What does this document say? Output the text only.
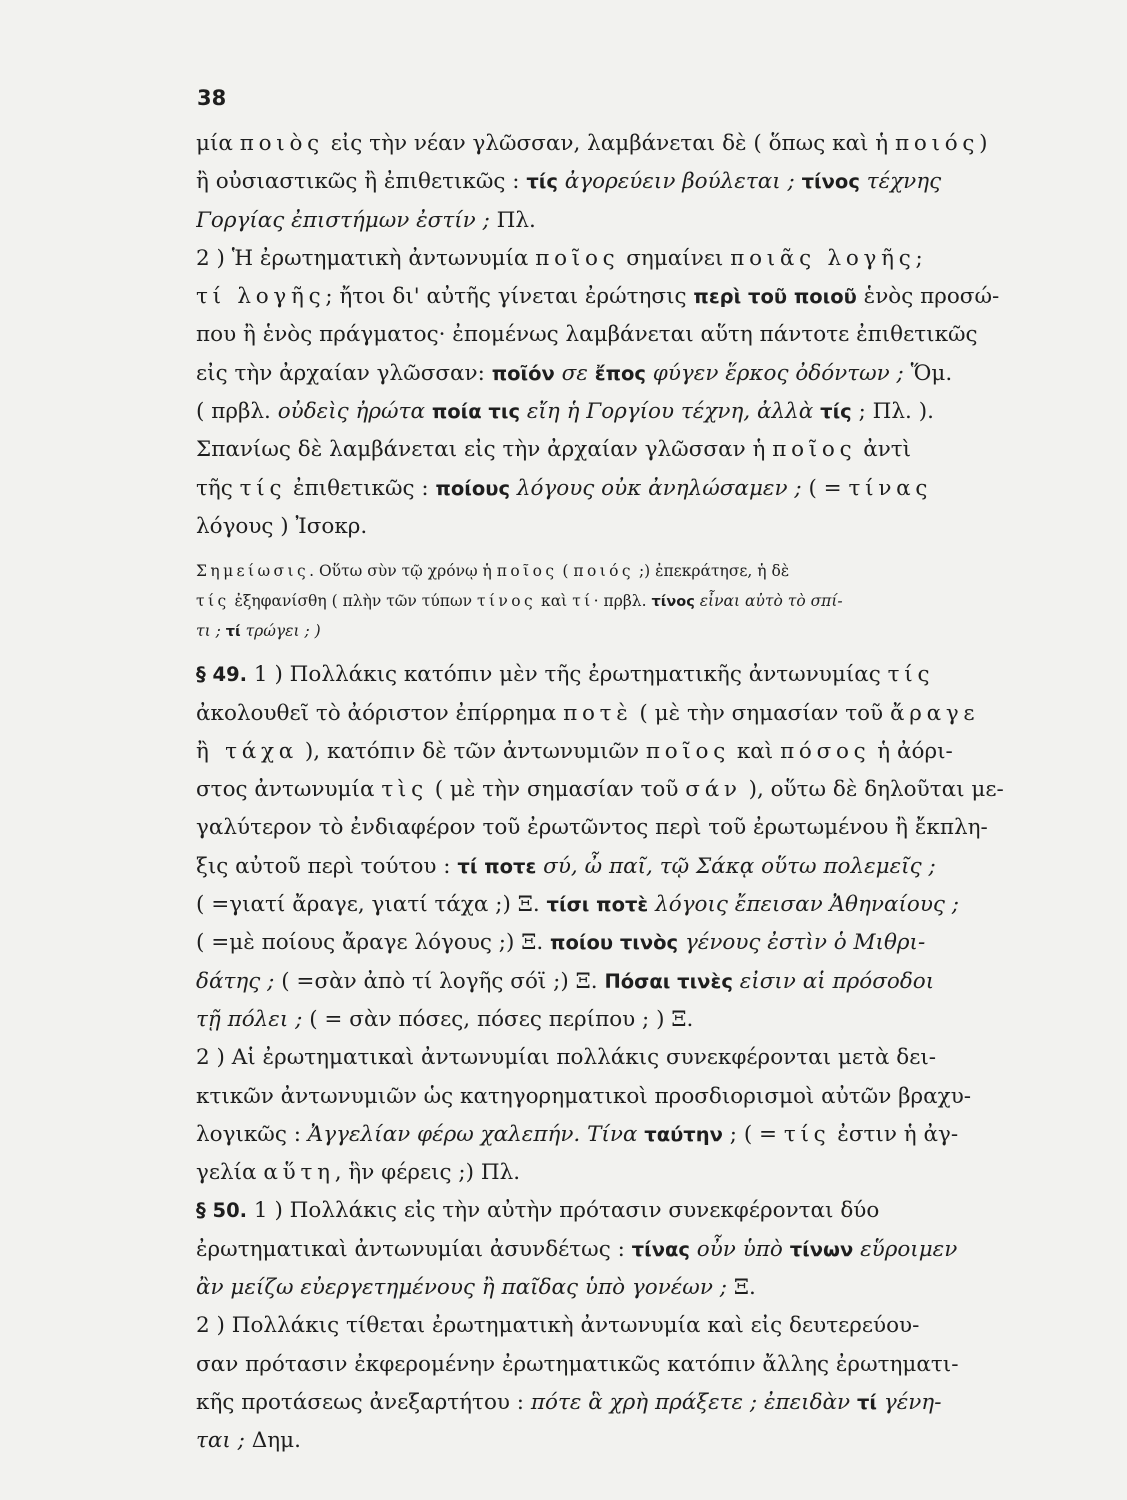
38
μία ποιὸς εἰς τὴν νέαν γλῶσσαν, λαμβάνεται δὲ ( ὅπως καὶ ἡ ποιός)
ἢ οὐσιαστικῶς ἢ ἐπιθετικῶς : τίς ἀγορεύειν βούλεται ; τίνος τέχνης
Γοργίας ἐπιστήμων ἐστίν ; Πλ.
2 ) Ἡ ἐρωτηματικὴ ἀντωνυμία ποῖος σημαίνει ποιᾶς λογῆς;
τί λογῆς; ἤτοι δι' αὐτῆς γίνεται ἐρώτησις περὶ τοῦ ποιοῦ ἑνὸς προσώ-
που ἢ ἑνὸς πράγματος· ἐπομένως λαμβάνεται αὕτη πάντοτε ἐπιθετικῶς
εἰς τὴν ἀρχαίαν γλῶσσαν: ποῖόν σε ἔπος φύγεν ἕρκος ὀδόντων ; Ὅμ.
( πρβλ. οὐδεὶς ἠρώτα ποία τις εἴη ἡ Γοργίου τέχνη, ἀλλὰ τίς ; Πλ. ).
Σπανίως δὲ λαμβάνεται εἰς τὴν ἀρχαίαν γλῶσσαν ἡ ποῖος ἀντὶ
τῆς τίς ἐπιθετικῶς : ποίους λόγους οὐκ ἀνηλώσαμεν ; ( = τίνας
λόγους ) Ἰσοκρ.
Σημείωσις. Οὕτω σὺν τῷ χρόνῳ ἡ ποῖος ( ποιός ;) ἐπεκράτησε, ἡ δὲ
τίς ἐξηφανίσθη ( πλὴν τῶν τύπων τίνος καὶ τί· πρβλ. τίνος εἶναι αὐτὸ τὸ σπί-
τι ; τί τρώγει ; )
§ 49. 1 ) Πολλάκις κατόπιν μὲν τῆς ἐρωτηματικῆς ἀντωνυμίας τίς
ἀκολουθεῖ τὸ ἀόριστον ἐπίρρημα ποτὲ ( μὲ τὴν σημασίαν τοῦ ἄραγε
ἢ τάχα ), κατόπιν δὲ τῶν ἀντωνυμιῶν ποῖος καὶ πόσος ἡ ἀόρι-
στος ἀντωνυμία τὶς ( μὲ τὴν σημασίαν τοῦ σάν ), οὕτω δὲ δηλοῦται με-
γαλύτερον τὸ ἐνδιαφέρον τοῦ ἐρωτῶντος περὶ τοῦ ἐρωτωμένου ἢ ἔκπλη-
ξις αὐτοῦ περὶ τούτου : τί ποτε σύ, ὦ παῖ, τῷ Σάκᾳ οὕτω πολεμεῖς ;
( =γιατί ἄραγε, γιατί τάχα ;) Ξ. τίσι ποτὲ λόγοις ἔπεισαν Ἀθηναίους ;
( =μὲ ποίους ἄραγε λόγους ;) Ξ. ποίου τινὸς γένους ἐστὶν ὁ Μιθρι-
δάτης ; ( =σὰν ἀπὸ τί λογῆς σόϊ ;) Ξ. Πόσαι τινὲς εἰσιν αἱ πρόσοδοι
τῇ πόλει ; ( = σὰν πόσες, πόσες περίπου ; ) Ξ.
2 ) Αἱ ἐρωτηματικαὶ ἀντωνυμίαι πολλάκις συνεκφέρονται μετὰ δει-
κτικῶν ἀντωνυμιῶν ὡς κατηγορηματικοὶ προσδιορισμοὶ αὐτῶν βραχυ-
λογικῶς : Ἀγγελίαν φέρω χαλεπήν. Τίνα ταύτην ; ( = τίς ἐστιν ἡ ἀγ-
γελία αὕτη, ἣν φέρεις ;) Πλ.
§ 50. 1 ) Πολλάκις εἰς τὴν αὐτὴν πρότασιν συνεκφέρονται δύο
ἐρωτηματικαὶ ἀντωνυμίαι ἀσυνδέτως : τίνας οὖν ὑπὸ τίνων εὕροιμεν
ἂν μείζω εὐεργετημένους ἢ παῖδας ὑπὸ γονέων ; Ξ.
2 ) Πολλάκις τίθεται ἐρωτηματικὴ ἀντωνυμία καὶ εἰς δευτερεύου-
σαν πρότασιν ἐκφερομένην ἐρωτηματικῶς κατόπιν ἄλλης ἐρωτηματι-
κῆς προτάσεως ἀνεξαρτήτου : πότε ἃ χρὴ πράξετε ; ἐπειδὰν τί γένη-
ται ; Δημ.
